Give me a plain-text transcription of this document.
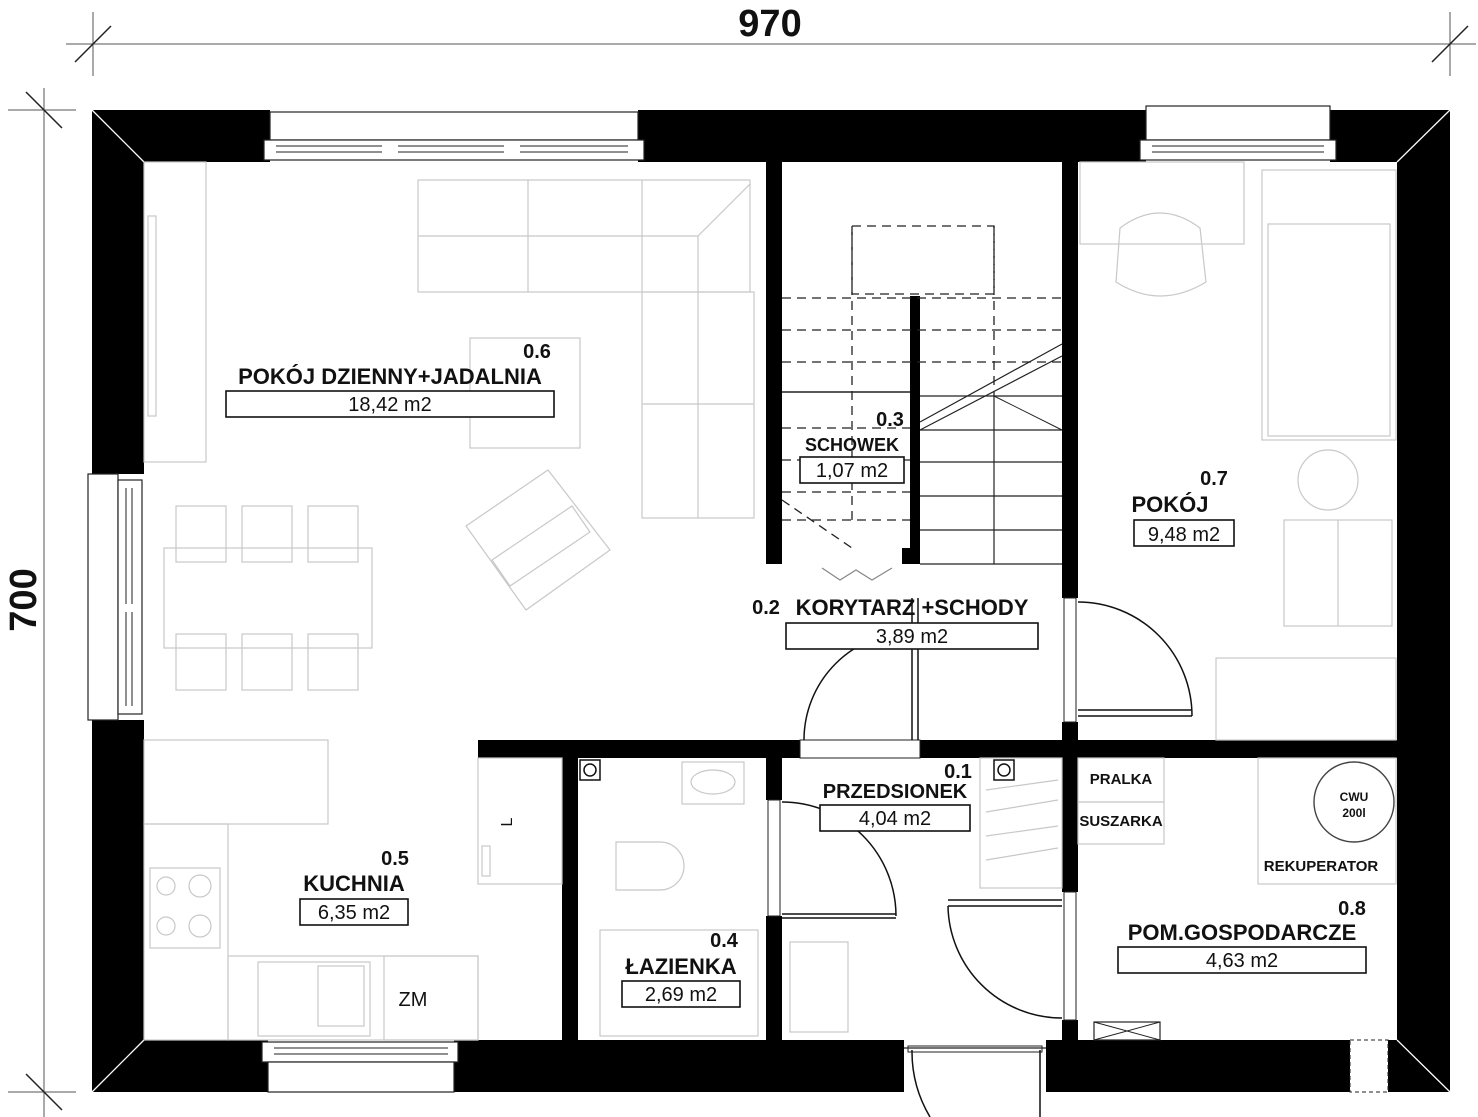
970
700
PRALKA
SUSZARKA
CWU
200l
REKUPERATOR
ZM
L
0.6
POKÓJ DZIENNY+JADALNIA
18,42 m2
0.3
SCHOWEK
1,07 m2	0.7
POKÓJ
9,48 m2
0.2 KORYTARZ +SCHODY
3,89 m2
0.1
PRZEDSIONEK
4,04 m2
0.5
KUCHNIA
6,35 m2
0.4
ŁAZIENKA
2,69 m2
0.8
POM.GOSPODARCZE
4,63 m2
